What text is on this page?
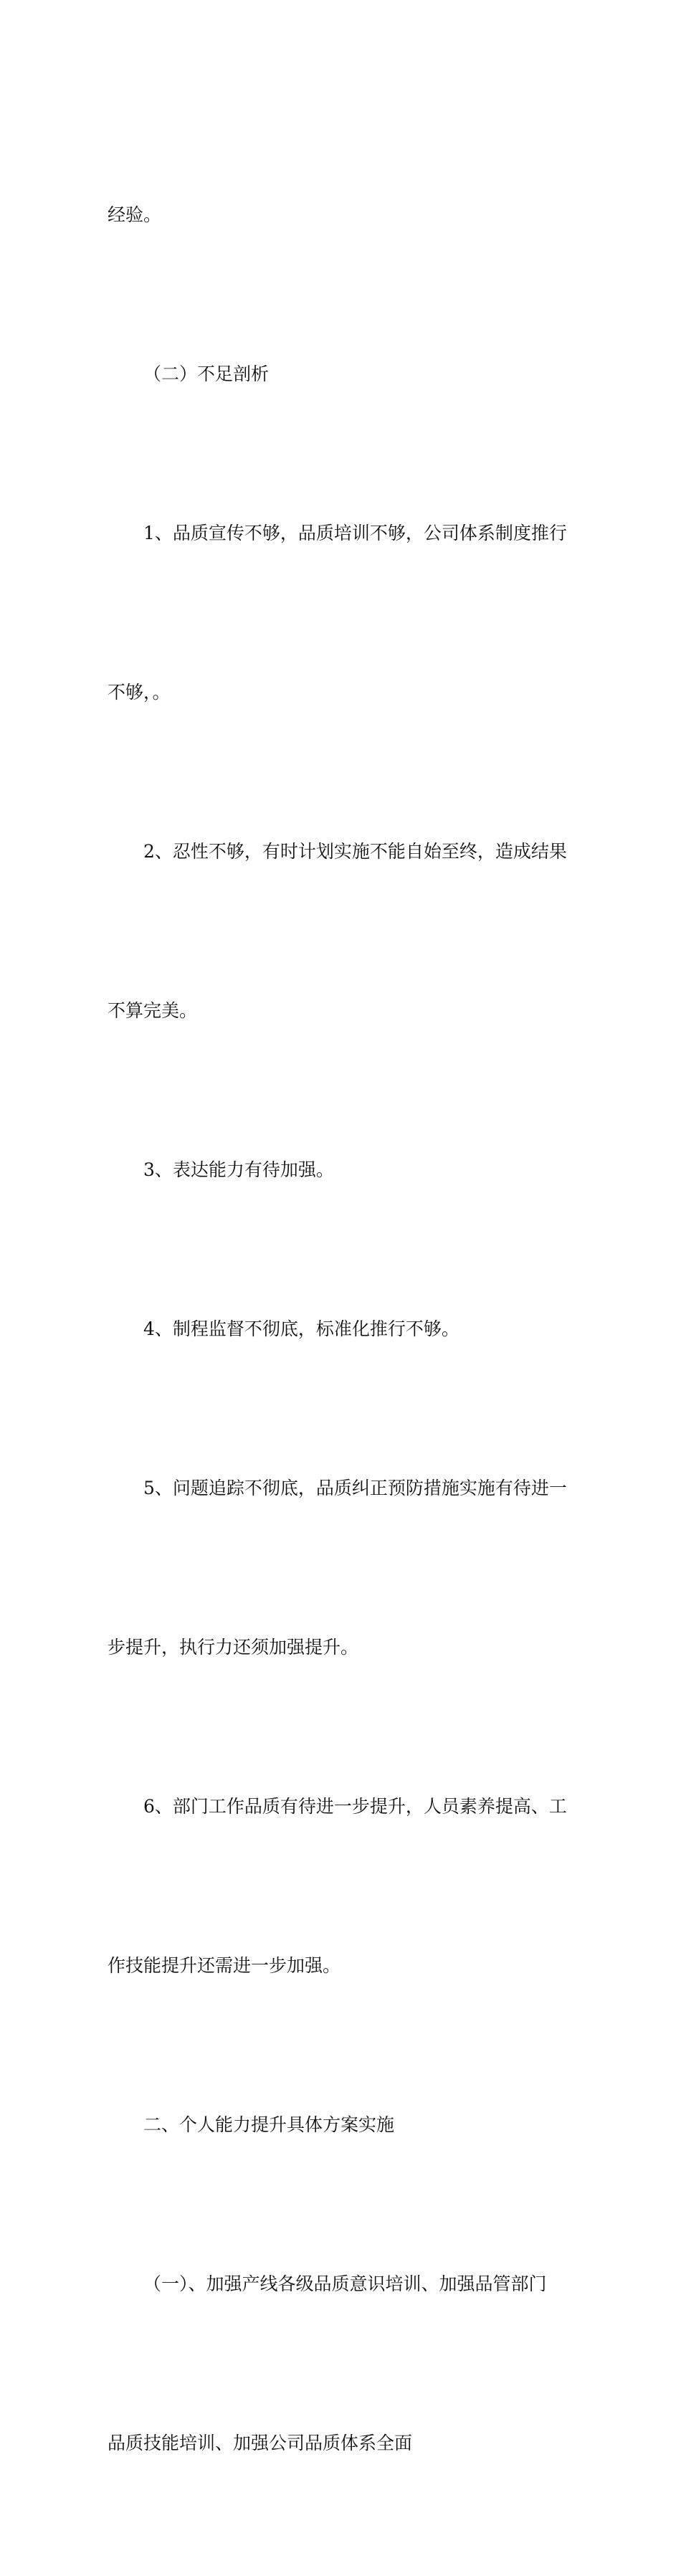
经验。

（二）不足剖析

1、品质宣传不够，品质培训不够，公司体系制度推行

不够，。

2、忍性不够，有时计划实施不能自始至终，造成结果

不算完美。

3、表达能力有待加强。

4、制程监督不彻底，标准化推行不够。

5、问题追踪不彻底，品质纠正预防措施实施有待进一

步提升，执行力还须加强提升。

6、部门工作品质有待进一步提升，人员素养提高、工

作技能提升还需进一步加强。

二、个人能力提升具体方案实施

（一）、加强产线各级品质意识培训、加强品管部门

品质技能培训、加强公司品质体系全面
